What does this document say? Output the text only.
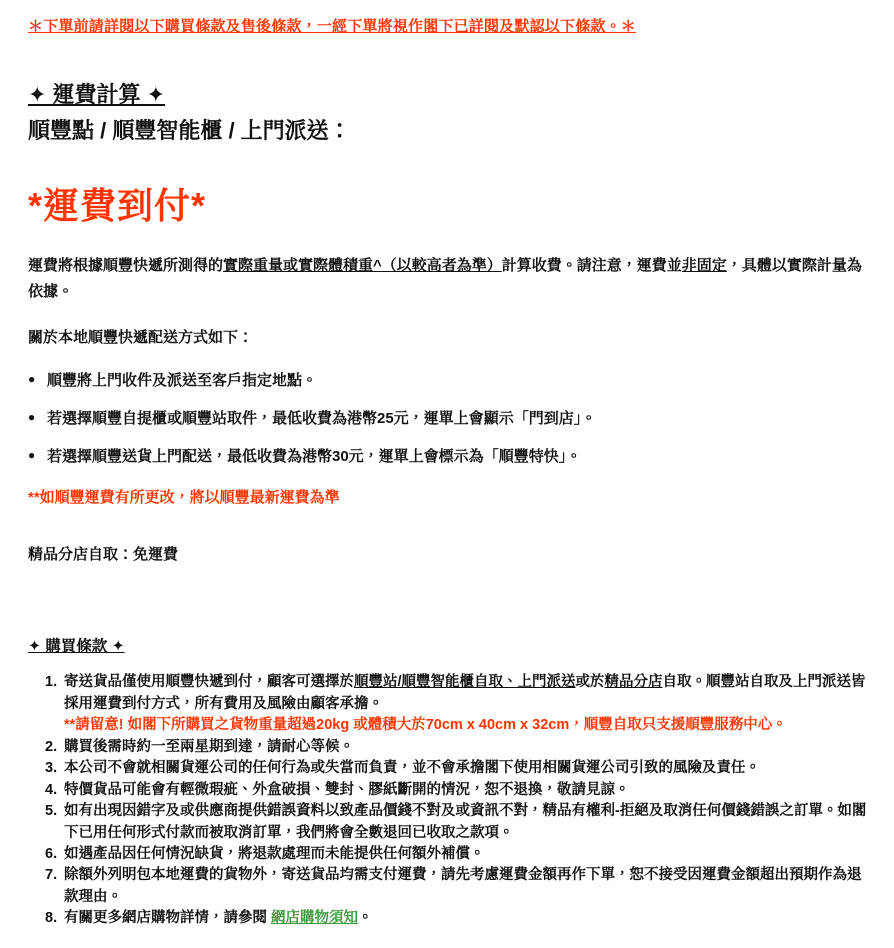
＊下單前請詳閱以下購買條款及售後條款，一經下單將視作閣下已詳閱及默認以下條款。＊
✦ 運費計算 ✦
順豐點 / 順豐智能櫃 / 上門派送：
*運費到付*

運費將根據順豐快遞所測得的實際重量或實際體積重^（以較高者為準）計算收費。請注意，運費並非固定，具體以實際計量為依據。

關於本地順豐快遞配送方式如下：
● 順豐將上門收件及派送至客戶指定地點。
● 若選擇順豐自提櫃或順豐站取件，最低收費為港幣25元，運單上會顯示「門到店」。
● 若選擇順豐送貨上門配送，最低收費為港幣30元，運單上會標示為「順豐特快」。
**如順豐運費有所更改，將以順豐最新運費為準
精品分店自取：免運費
✦ 購買條款 ✦
寄送貨品僅使用順豐快遞到付，顧客可選擇於順豐站/順豐智能櫃自取、上門派送或於精品分店自取。順豐站自取及上門派送皆採用運費到付方式，所有費用及風險由顧客承擔。
**請留意! 如閣下所購買之貨物重量超過20kg 或體積大於70cm x 40cm x 32cm，順豐自取只支援順豐服務中心。
購買後需時約一至兩星期到達，請耐心等候。
本公司不會就相關貨運公司的任何行為或失當而負責，並不會承擔閣下使用相關貨運公司引致的風險及責任。
特價貨品可能會有輕微瑕疵、外盒破損、雙封、膠紙斷開的情況，恕不退換，敬請見諒。
如有出現因錯字及或供應商提供錯誤資料以致產品價錢不對及或資訊不對，精品有權利-拒絕及取消任何價錢錯誤之訂單。如閣下已用任何形式付款而被取消訂單，我們將會全數退回已收取之款項。
如遇產品因任何情況缺貨，將退款處理而未能提供任何額外補償。
除額外列明包本地運費的貨物外，寄送貨品均需支付運費，請先考慮運費金額再作下單，恕不接受因運費金額超出預期作為退款理由。
有關更多網店購物詳情，請參閱 網店購物須知。
